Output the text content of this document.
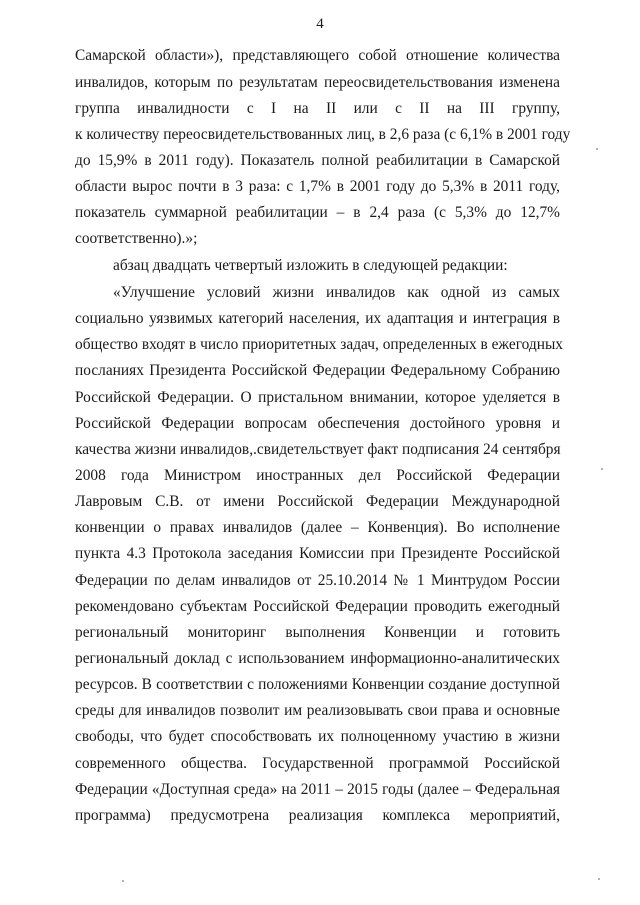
4

Самарской области»), представляющего собой отношение количества

инвалидов, которым по результатам переосвидетельствования изменена

группа инвалидности с I на II или с II на III группу,

к количеству переосвидетельствованных лиц, в 2,6 раза (с 6,1% в 2001 году

до 15,9% в 2011 году). Показатель полной реабилитации в Самарской

области вырос почти в 3 раза: с 1,7% в 2001 году до 5,3% в 2011 году,

показатель суммарной реабилитации – в 2,4 раза (с 5,3% до 12,7%

соответственно).»;

абзац двадцать четвертый изложить в следующей редакции:

«Улучшение условий жизни инвалидов как одной из самых

социально уязвимых категорий населения, их адаптация и интеграция в

общество входят в число приоритетных задач, определенных в ежегодных

посланиях Президента Российской Федерации Федеральному Собранию

Российской Федерации. О пристальном внимании, которое уделяется в

Российской Федерации вопросам обеспечения достойного уровня и

качества жизни инвалидов,.свидетельствует факт подписания 24 сентября

2008 года Министром иностранных дел Российской Федерации

Лавровым С.В. от имени Российской Федерации Международной

конвенции о правах инвалидов (далее – Конвенция). Во исполнение

пункта 4.3 Протокола заседания Комиссии при Президенте Российской

Федерации по делам инвалидов от 25.10.2014 № 1 Минтрудом России

рекомендовано субъектам Российской Федерации проводить ежегодный

региональный мониторинг выполнения Конвенции и готовить

региональный доклад с использованием информационно-аналитических

ресурсов. В соответствии с положениями Конвенции создание доступной

среды для инвалидов позволит им реализовывать свои права и основные

свободы, что будет способствовать их полноценному участию в жизни

современного общества. Государственной программой Российской

Федерации «Доступная среда» на 2011 – 2015 годы (далее – Федеральная

программа) предусмотрена реализация комплекса мероприятий,
